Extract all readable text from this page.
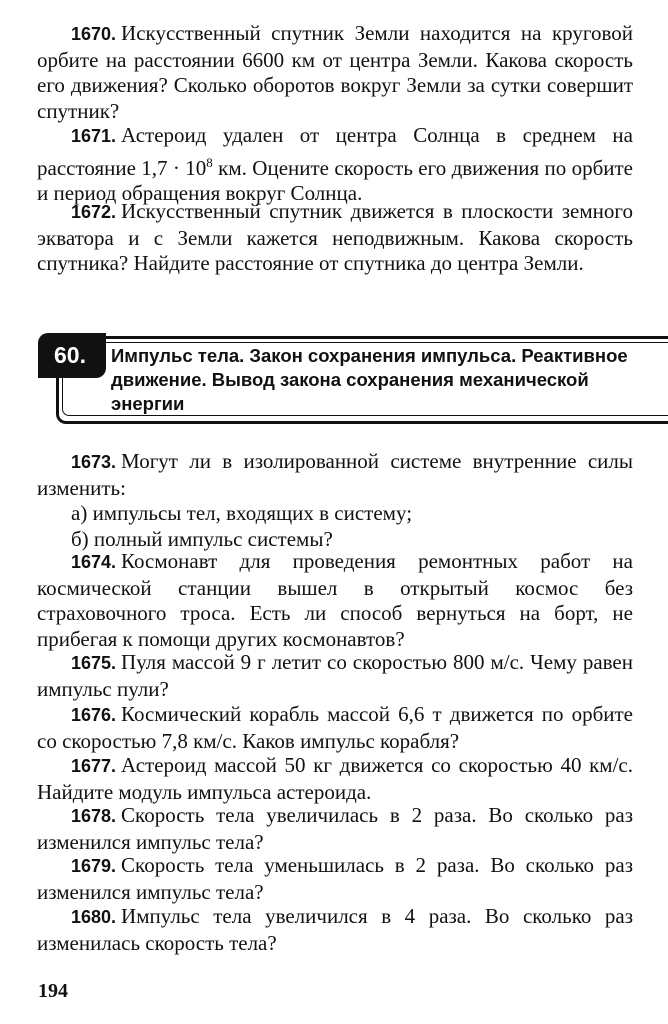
1670. Искусственный спутник Земли находится на круговой орбите на расстоянии 6600 км от центра Земли. Какова скорость его движения? Сколько оборотов вокруг Земли за сутки совершит спутник?
1671. Астероид удален от центра Солнца в среднем на расстояние $1,7 \cdot 10^8$ км. Оцените скорость его движения по орбите и период обращения вокруг Солнца.
1672. Искусственный спутник движется в плоскости земного экватора и с Земли кажется неподвижным. Какова скорость спутника? Найдите расстояние от спутника до центра Земли.
60. Импульс тела. Закон сохранения импульса. Реактивное движение. Вывод закона сохранения механической энергии
1673. Могут ли в изолированной системе внутренние силы изменить:
а) импульсы тел, входящих в систему;
б) полный импульс системы?
1674. Космонавт для проведения ремонтных работ на космической станции вышел в открытый космос без страховочного троса. Есть ли способ вернуться на борт, не прибегая к помощи других космонавтов?
1675. Пуля массой 9 г летит со скоростью 800 м/с. Чему равен импульс пули?
1676. Космический корабль массой 6,6 т движется по орбите со скоростью 7,8 км/с. Каков импульс корабля?
1677. Астероид массой 50 кг движется со скоростью 40 км/с. Найдите модуль импульса астероида.
1678. Скорость тела увеличилась в 2 раза. Во сколько раз изменился импульс тела?
1679. Скорость тела уменьшилась в 2 раза. Во сколько раз изменился импульс тела?
1680. Импульс тела увеличился в 4 раза. Во сколько раз изменилась скорость тела?
194
